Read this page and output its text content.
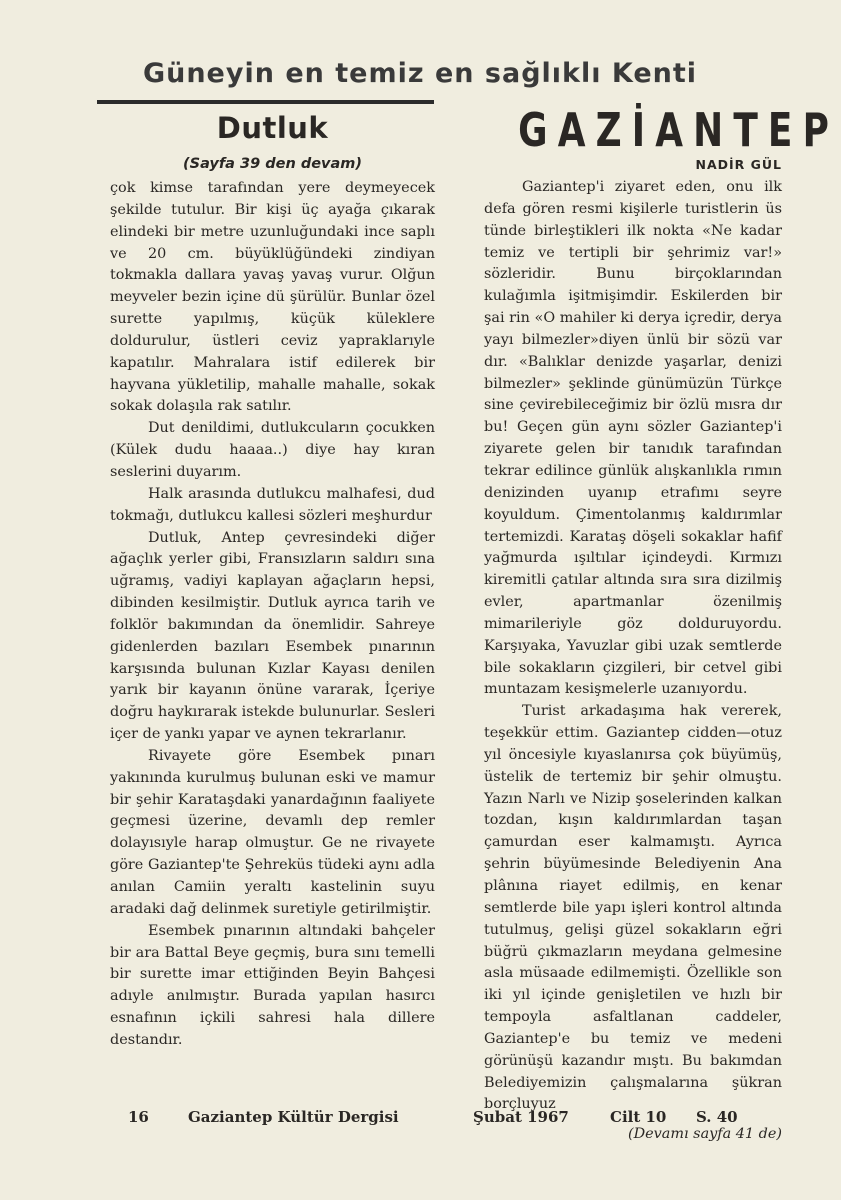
Güneyin en temiz en sağlıklı Kenti
Dutluk
(Sayfa 39 den devam)

çok kimse tarafından yere deymeyecek şekilde tutulur. Bir kişi üç ayağa çıkarak elindeki bir metre uzunluğundaki ince saplı ve 20 cm. büyüklüğündeki zindiyan tokmakla dallara yavaş yavaş vurur. Olğun meyveler bezin içine dü şürülür. Bunlar özel surette yapılmış, küçük küleklere doldurulur, üstleri ceviz yapraklarıyle kapatılır. Mahralara istif edilerek bir hayvana yükletilip, mahalle mahalle, sokak sokak dolaşıla rak satılır.

Dut denildimi, dutlukcuların çocukken (Külek dudu haaaa..) diye hay kıran seslerini duyarım.

Halk arasında dutlukcu malhafesi, dud tokmağı, dutlukcu kallesi sözleri meşhurdur

Dutluk, Antep çevresindeki diğer ağaçlık yerler gibi, Fransızların saldırı sına uğramış, vadiyi kaplayan ağaçların hepsi, dibinden kesilmiştir. Dutluk ayrıca tarih ve folklör bakımından da önemlidir. Sahreye gidenlerden bazıları Esembek pınarının karşısında bulunan Kızlar Kayası denilen yarık bir kayanın önüne vararak, İçeriye doğru haykırarak istekde bulunurlar. Sesleri içer de yankı yapar ve aynen tekrarlanır.

Rivayete göre Esembek pınarı yakınında kurulmuş bulunan eski ve mamur bir şehir Karataşdaki yanardağının faaliyete geçmesi üzerine, devamlı dep remler dolayısıyle harap olmuştur. Ge ne rivayete göre Gaziantep'te Şehreküs tüdeki aynı adla anılan Camiin yeraltı kastelinin suyu aradaki dağ delinmek suretiyle getirilmiştir.

Esembek pınarının altındaki bahçeler bir ara Battal Beye geçmiş, bura sını temelli bir surette imar ettiğinden Beyin Bahçesi adıyle anılmıştır. Burada yapılan hasırcı esnafının içkili sahresi hala dillere destandır.

GAZİANTEP
NADİR GÜL

Gaziantep'i ziyaret eden, onu ilk defa gören resmi kişilerle turistlerin üs tünde birleştikleri ilk nokta «Ne kadar temiz ve tertipli bir şehrimiz var!» sözleridir. Bunu birçoklarından kulağımla işitmişimdir. Eskilerden bir şai rin «O mahiler ki derya içredir, derya yayı bilmezler»diyen ünlü bir sözü var dır. «Balıklar denizde yaşarlar, denizi bilmezler» şeklinde günümüzün Türkçe sine çevirebileceğimiz bir özlü mısra dır bu! Geçen gün aynı sözler Gaziantep'i ziyarete gelen bir tanıdık tarafından tekrar edilince günlük alışkanlıkla rımın denizinden uyanıp etrafımı seyre koyuldum. Çimentolanmış kaldırımlar tertemizdi. Karataş döşeli sokaklar hafif yağmurda ışıltılar içindeydi. Kırmızı kiremitli çatılar altında sıra sıra dizilmiş evler, apartmanlar özenilmiş mimarileriyle göz dolduruyordu. Karşıyaka, Yavuzlar gibi uzak semtlerde bile sokakların çizgileri, bir cetvel gibi muntazam kesişmelerle uzanıyordu.

Turist arkadaşıma hak vererek, teşekkür ettim. Gaziantep cidden—otuz yıl öncesiyle kıyaslanırsa çok büyümüş, üstelik de tertemiz bir şehir olmuştu. Yazın Narlı ve Nizip şoselerinden kalkan tozdan, kışın kaldırımlardan taşan çamurdan eser kalmamıştı. Ayrıca şehrin büyümesinde Belediyenin Ana plânına riayet edilmiş, en kenar semtlerde bile yapı işleri kontrol altında tutulmuş, gelişi güzel sokakların eğri büğrü çıkmazların meydana gelmesine asla müsaade edilmemişti. Özellikle son iki yıl içinde genişletilen ve hızlı bir tempoyla asfaltlanan caddeler, Gaziantep'e bu temiz ve medeni görünüşü kazandır mıştı. Bu bakımdan Belediyemizin çalışmalarına şükran borçluyuz

(Devamı sayfa 41 de)
16	Gaziantep Kültür Dergisi	Şubat 1967	Cilt 10 S. 40
